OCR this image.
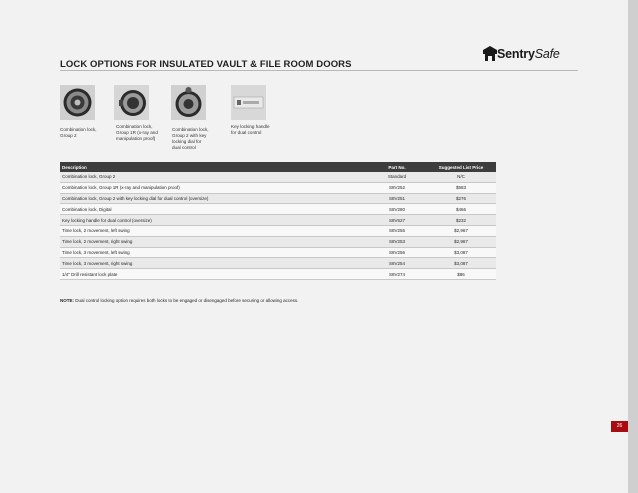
LOCK OPTIONS FOR INSULATED VAULT & FILE ROOM DOORS
SentrySafe
Combination lock,
Group 2
Combination lock,
Group 1R (x-ray and
manipulation proof)
Combination lock,
Group 2 with key
locking dial for
dual control
Key locking handle
for dual control
Description	Part No.	Suggested List Price
Combination lock, Group 2	Standard	N/C
Combination lock, Group 1R (x-ray and manipulation proof)	S8V252	$583
Combination lock, Group 2 with key locking dial for dual control (oversize)	S8V251	$276
Combination lock, Digital	S8V280	$466
Key locking handle for dual control (oversize)	S8V627	$232
Time lock, 2 movement, left swing	S8V255	$2,967
Time lock, 2 movement, right swing	S8V253	$2,967
Time lock, 3 movement, left swing	S8V256	$3,087
Time lock, 3 movement, right swing	S8V254	$3,087
1/4" Drill resistant lock plate	S8V274	$86
NOTE: Dual control locking option requires both locks to be engaged or disengaged before securing or allowing access.
26
